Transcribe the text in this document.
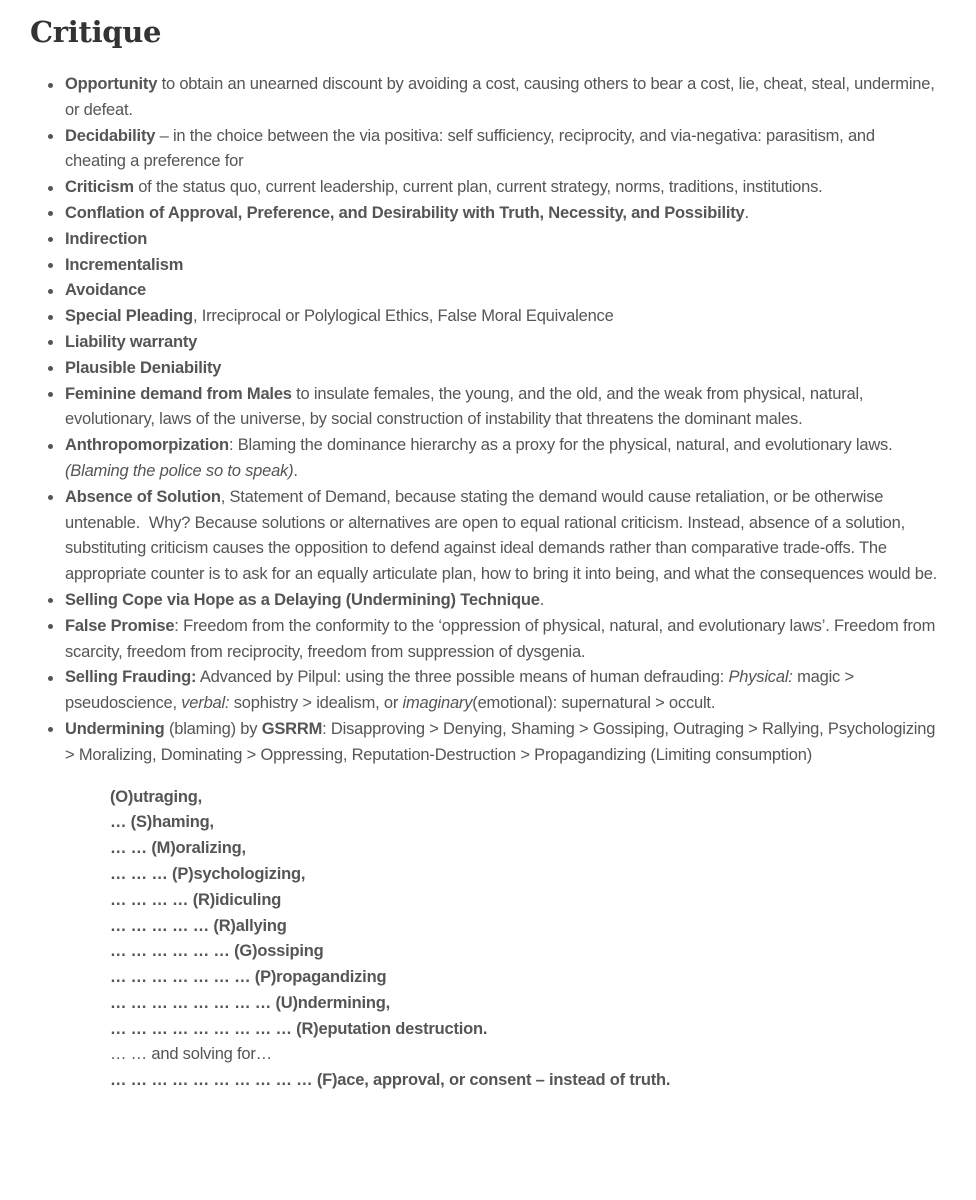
Critique
Opportunity to obtain an unearned discount by avoiding a cost, causing others to bear a cost, lie, cheat, steal, undermine, or defeat.
Decidability – in the choice between the via positiva: self sufficiency, reciprocity, and via-negativa: parasitism, and cheating a preference for
Criticism of the status quo, current leadership, current plan, current strategy, norms, traditions, institutions.
Conflation of Approval, Preference, and Desirability with Truth, Necessity, and Possibility.
Indirection
Incrementalism
Avoidance
Special Pleading, Irreciprocal or Polylogical Ethics, False Moral Equivalence
Liability warranty
Plausible Deniability
Feminine demand from Males to insulate females, the young, and the old, and the weak from physical, natural, evolutionary, laws of the universe, by social construction of instability that threatens the dominant males.
Anthropomorpization: Blaming the dominance hierarchy as a proxy for the physical, natural, and evolutionary laws. (Blaming the police so to speak).
Absence of Solution, Statement of Demand, because stating the demand would cause retaliation, or be otherwise untenable.  Why? Because solutions or alternatives are open to equal rational criticism. Instead, absence of a solution, substituting criticism causes the opposition to defend against ideal demands rather than comparative trade-offs. The appropriate counter is to ask for an equally articulate plan, how to bring it into being, and what the consequences would be.
Selling Cope via Hope as a Delaying (Undermining) Technique.
False Promise: Freedom from the conformity to the ‘oppression of physical, natural, and evolutionary laws’. Freedom from scarcity, freedom from reciprocity, freedom from suppression of dysgenia.
Selling Frauding: Advanced by Pilpul: using the three possible means of human defrauding: Physical: magic > pseudoscience, verbal: sophistry > idealism, or imaginary(emotional): supernatural > occult.
Undermining (blaming) by GSRRM: Disapproving > Denying, Shaming > Gossiping, Outraging > Rallying, Psychologizing > Moralizing, Dominating > Oppressing, Reputation-Destruction > Propagandizing (Limiting consumption)
(O)utraging,
… (S)haming,
… … (M)oralizing,
… … … (P)sychologizing,
… … … … (R)idiculing
… … … … … (R)allying
… … … … … … (G)ossiping
… … … … … … … (P)ropagandizing
… … … … … … … … (U)ndermining,
… … … … … … … … … (R)eputation destruction.
… … and solving for…
… … … … … … … … … … (F)ace, approval, or consent – instead of truth.
